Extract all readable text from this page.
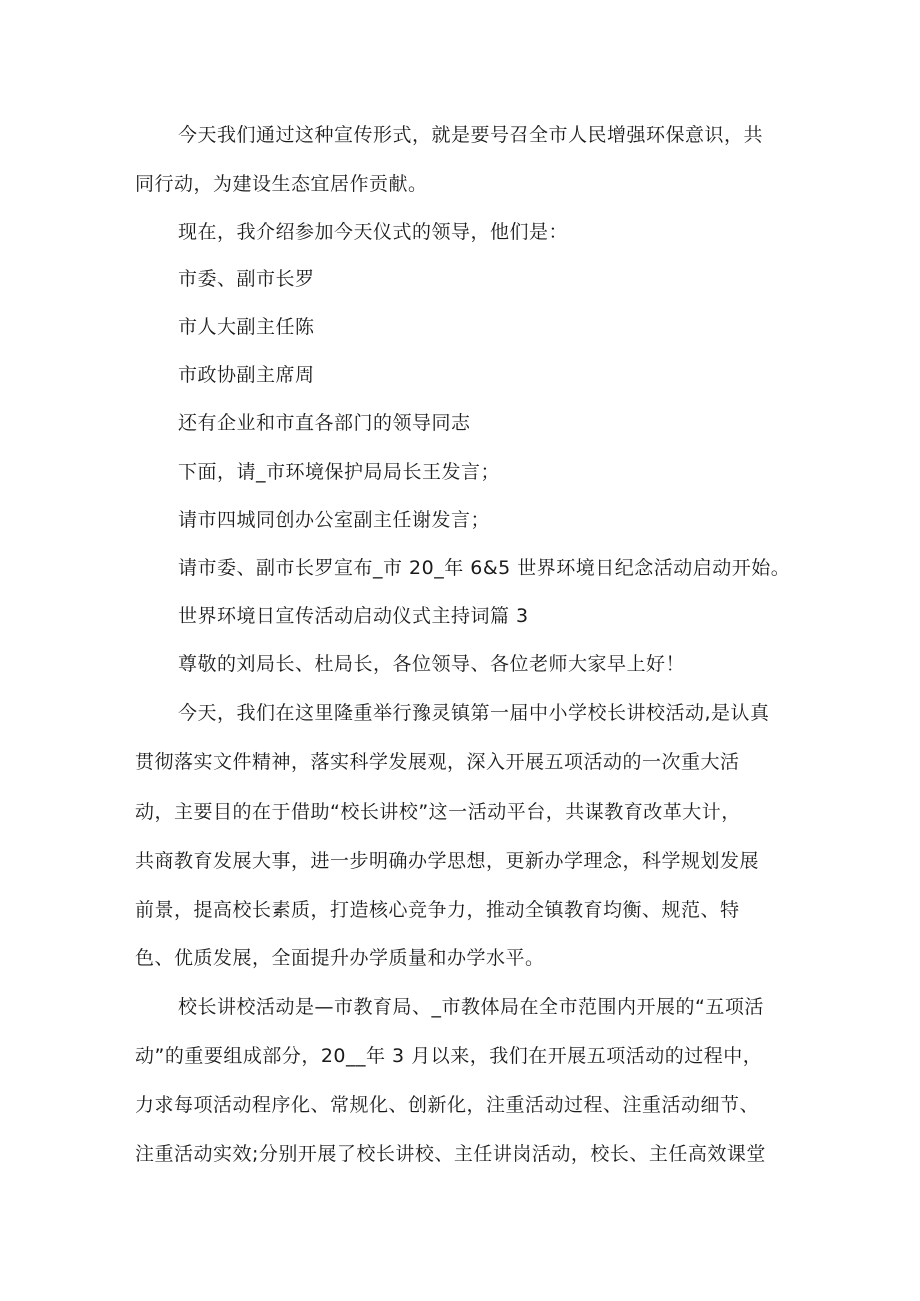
今天我们通过这种宣传形式，就是要号召全市人民增强环保意识，共

同行动，为建设生态宜居作贡献。

现在，我介绍参加今天仪式的领导，他们是：

市委、副市长罗

市人大副主任陈

市政协副主席周

还有企业和市直各部门的领导同志

下面，请_市环境保护局局长王发言；

请市四城同创办公室副主任谢发言；

请市委、副市长罗宣布_市 20_年 6&5 世界环境日纪念活动启动开始。

世界环境日宣传活动启动仪式主持词篇 3

尊敬的刘局长、杜局长，各位领导、各位老师大家早上好！

今天，我们在这里隆重举行豫灵镇第一届中小学校长讲校活动,是认真

贯彻落实文件精神，落实科学发展观，深入开展五项活动的一次重大活

动，主要目的在于借助“校长讲校”这一活动平台，共谋教育改革大计，

共商教育发展大事，进一步明确办学思想，更新办学理念，科学规划发展

前景，提高校长素质，打造核心竞争力，推动全镇教育均衡、规范、特

色、优质发展，全面提升办学质量和办学水平。

校长讲校活动是—市教育局、_市教体局在全市范围内开展的“五项活

动”的重要组成部分，20__年 3 月以来，我们在开展五项活动的过程中，

力求每项活动程序化、常规化、创新化，注重活动过程、注重活动细节、

注重活动实效;分别开展了校长讲校、主任讲岗活动，校长、主任高效课堂
